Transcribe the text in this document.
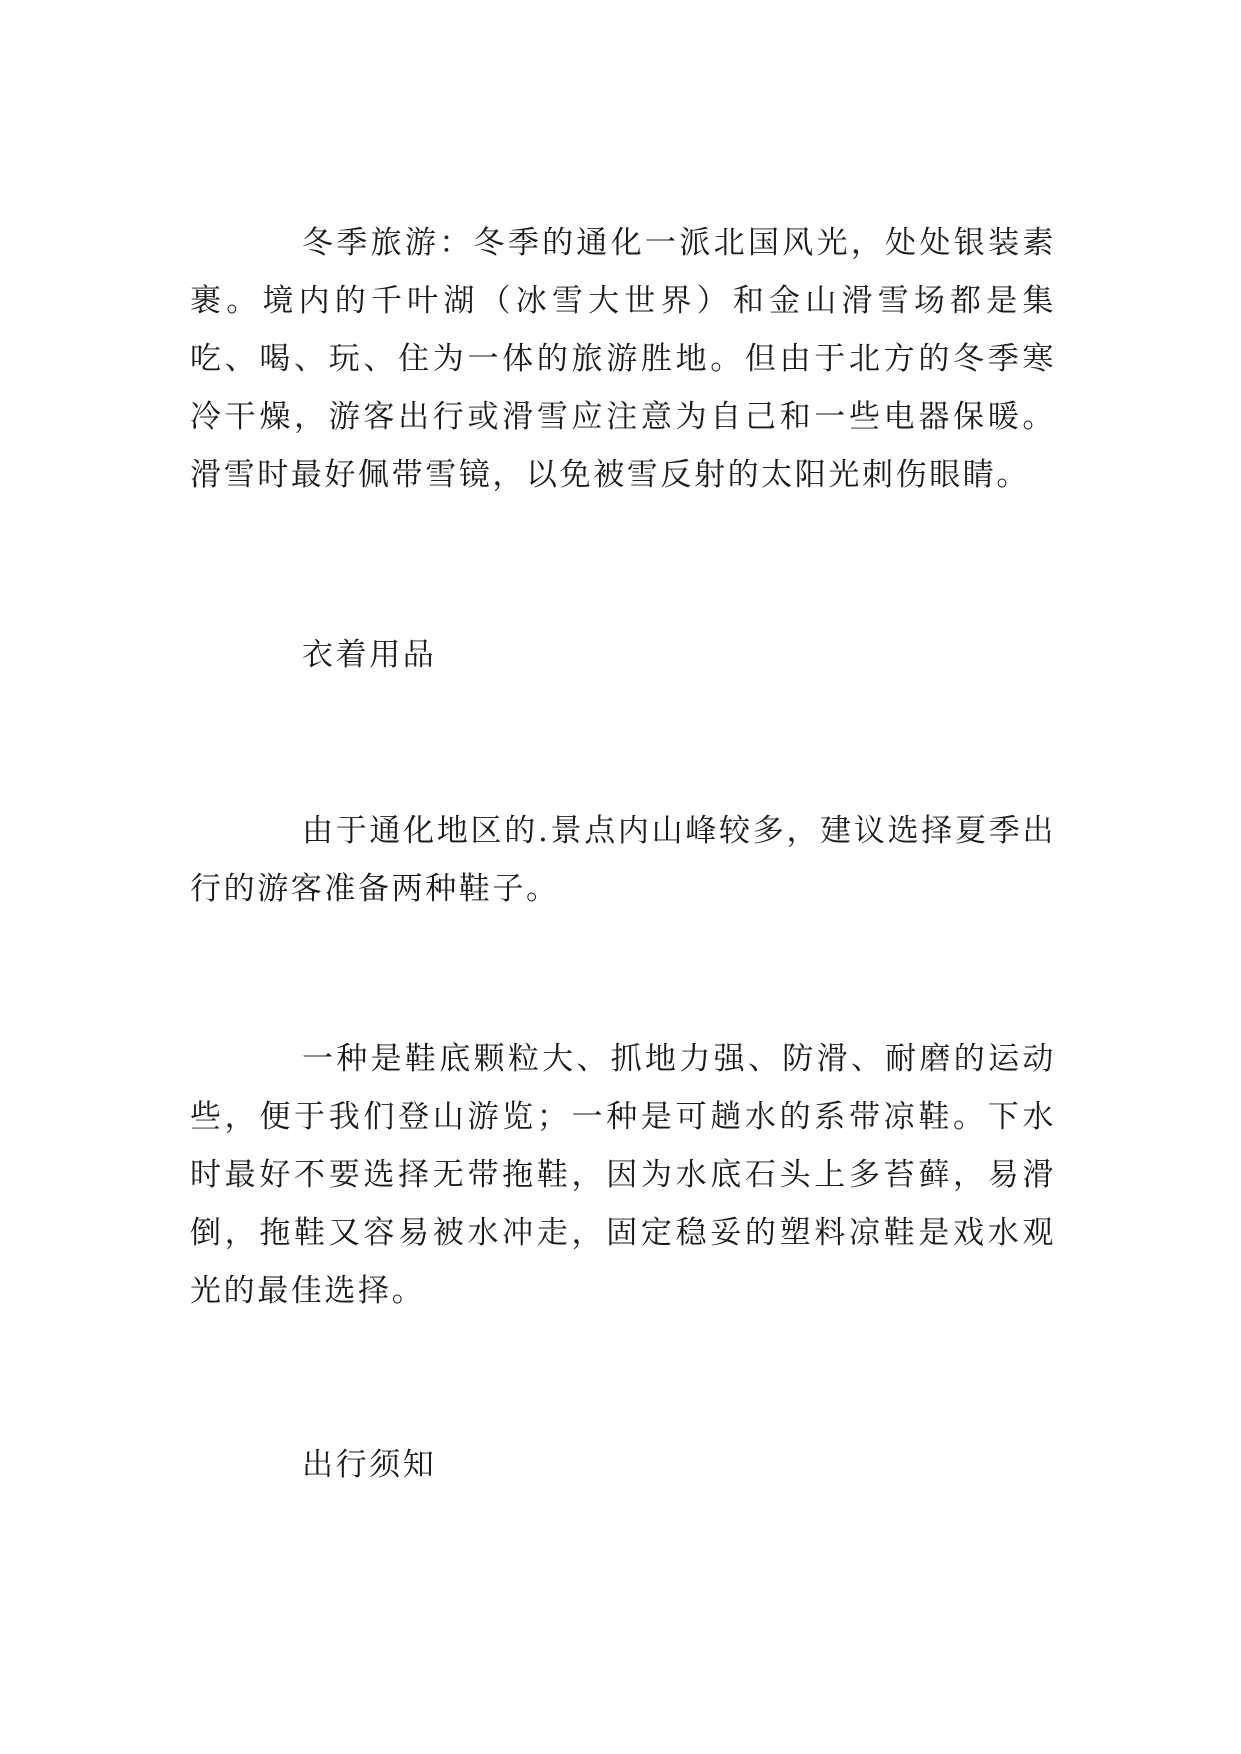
冬季旅游：冬季的通化一派北国风光，处处银装素裹。境内的千叶湖（冰雪大世界）和金山滑雪场都是集吃、喝、玩、住为一体的旅游胜地。但由于北方的冬季寒冷干燥，游客出行或滑雪应注意为自己和一些电器保暖。滑雪时最好佩带雪镜，以免被雪反射的太阳光刺伤眼睛。

衣着用品

由于通化地区的.景点内山峰较多，建议选择夏季出行的游客准备两种鞋子。

一种是鞋底颗粒大、抓地力强、防滑、耐磨的运动些，便于我们登山游览；一种是可趟水的系带凉鞋。下水时最好不要选择无带拖鞋，因为水底石头上多苔藓，易滑倒，拖鞋又容易被水冲走，固定稳妥的塑料凉鞋是戏水观光的最佳选择。

出行须知
